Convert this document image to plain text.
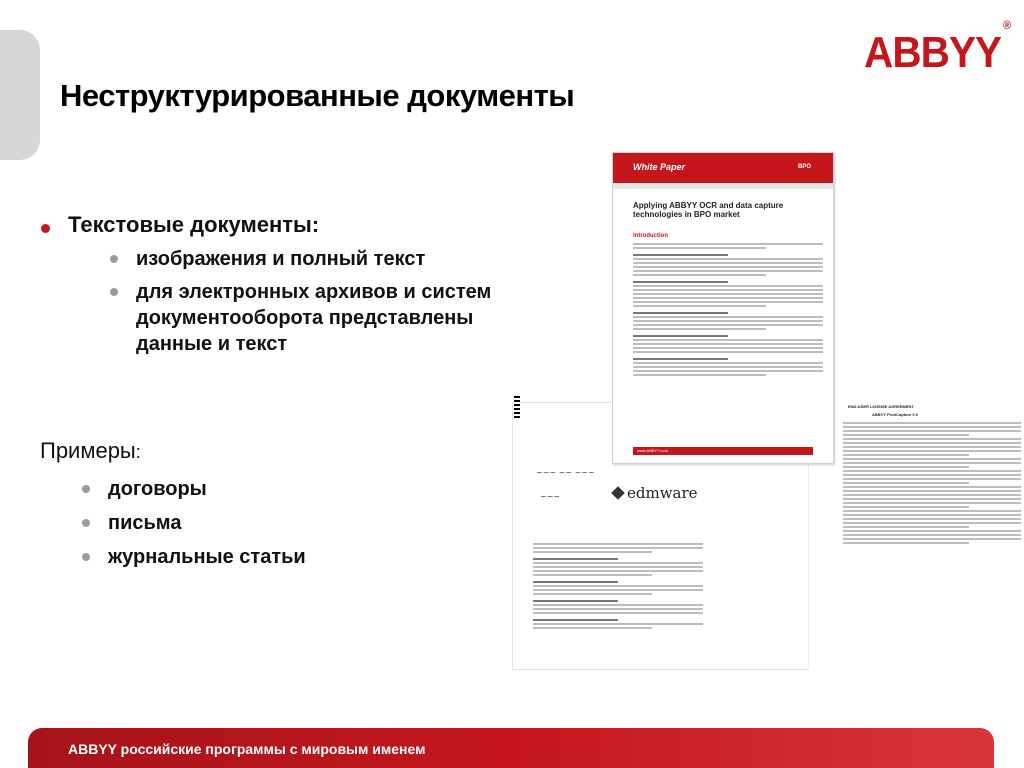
ABBYY®
Неструктурированные документы
Текстовые документы:
изображения и полный текст
для электронных архивов и систем документооборота представлены данные и текст

Примеры:

договоры
письма
журнальные статьи
~~~ ~~ ~~~
~~~	edmware
END-USER LICENSE AGREEMENT
ABBYY FlexiCapture 9.0
White Paper	BPO
Applying ABBYY OCR and data capture technologies in BPO market
Introduction
www.ABBYY.com
ABBYY российские программы с мировым именем
